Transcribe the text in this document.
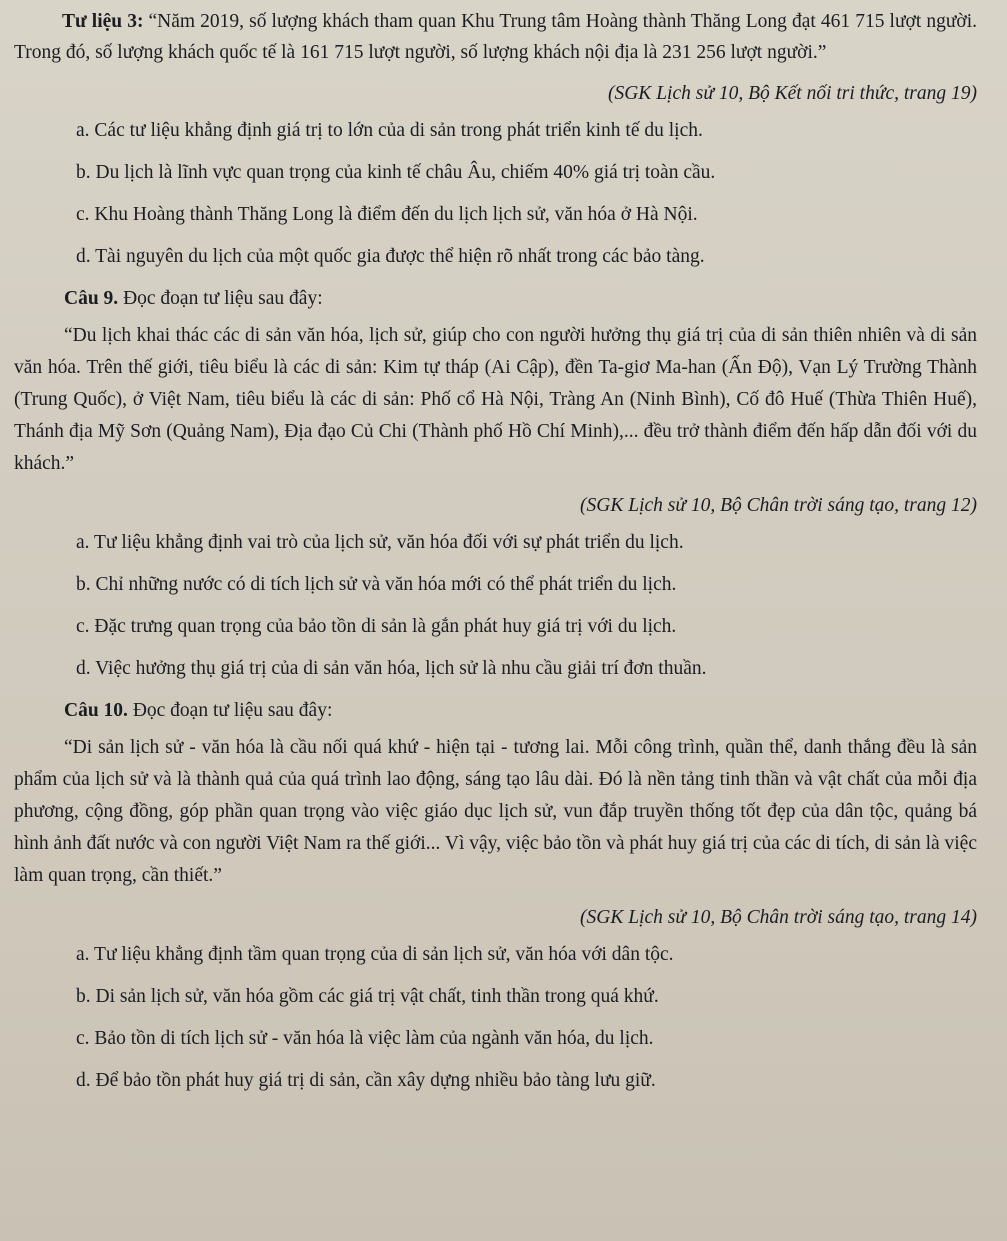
Tư liệu 3: “Năm 2019, số lượng khách tham quan Khu Trung tâm Hoàng thành Thăng Long đạt 461 715 lượt người. Trong đó, số lượng khách quốc tế là 161 715 lượt người, số lượng khách nội địa là 231 256 lượt người.”

(SGK Lịch sử 10, Bộ Kết nối tri thức, trang 19)

a. Các tư liệu khẳng định giá trị to lớn của di sản trong phát triển kinh tế du lịch.

b. Du lịch là lĩnh vực quan trọng của kinh tế châu Âu, chiếm 40% giá trị toàn cầu.

c. Khu Hoàng thành Thăng Long là điểm đến du lịch lịch sử, văn hóa ở Hà Nội.

d. Tài nguyên du lịch của một quốc gia được thể hiện rõ nhất trong các bảo tàng.

Câu 9. Đọc đoạn tư liệu sau đây:

“Du lịch khai thác các di sản văn hóa, lịch sử, giúp cho con người hưởng thụ giá trị của di sản thiên nhiên và di sản văn hóa. Trên thế giới, tiêu biểu là các di sản: Kim tự tháp (Ai Cập), đền Ta-giơ Ma-han (Ấn Độ), Vạn Lý Trường Thành (Trung Quốc), ở Việt Nam, tiêu biểu là các di sản: Phố cổ Hà Nội, Tràng An (Ninh Bình), Cố đô Huế (Thừa Thiên Huế), Thánh địa Mỹ Sơn (Quảng Nam), Địa đạo Củ Chi (Thành phố Hồ Chí Minh),... đều trở thành điểm đến hấp dẫn đối với du khách.”

(SGK Lịch sử 10, Bộ Chân trời sáng tạo, trang 12)

a. Tư liệu khẳng định vai trò của lịch sử, văn hóa đối với sự phát triển du lịch.

b. Chỉ những nước có di tích lịch sử và văn hóa mới có thể phát triển du lịch.

c. Đặc trưng quan trọng của bảo tồn di sản là gắn phát huy giá trị với du lịch.

d. Việc hưởng thụ giá trị của di sản văn hóa, lịch sử là nhu cầu giải trí đơn thuần.

Câu 10. Đọc đoạn tư liệu sau đây:

“Di sản lịch sử - văn hóa là cầu nối quá khứ - hiện tại - tương lai. Mỗi công trình, quần thể, danh thắng đều là sản phẩm của lịch sử và là thành quả của quá trình lao động, sáng tạo lâu dài. Đó là nền tảng tinh thần và vật chất của mỗi địa phương, cộng đồng, góp phần quan trọng vào việc giáo dục lịch sử, vun đắp truyền thống tốt đẹp của dân tộc, quảng bá hình ảnh đất nước và con người Việt Nam ra thế giới... Vì vậy, việc bảo tồn và phát huy giá trị của các di tích, di sản là việc làm quan trọng, cần thiết.”

(SGK Lịch sử 10, Bộ Chân trời sáng tạo, trang 14)

a. Tư liệu khẳng định tầm quan trọng của di sản lịch sử, văn hóa với dân tộc.

b. Di sản lịch sử, văn hóa gồm các giá trị vật chất, tinh thần trong quá khứ.

c. Bảo tồn di tích lịch sử - văn hóa là việc làm của ngành văn hóa, du lịch.

d. Để bảo tồn phát huy giá trị di sản, cần xây dựng nhiều bảo tàng lưu giữ.
